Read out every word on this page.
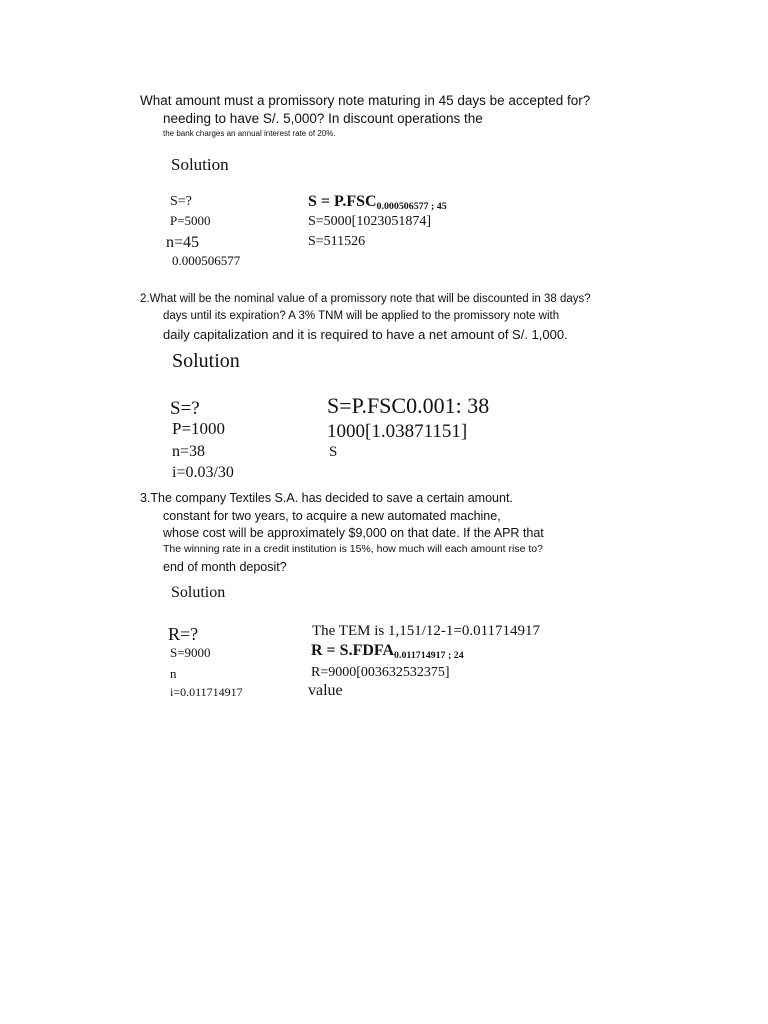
What amount must a promissory note maturing in 45 days be accepted for?
needing to have S/. 5,000? In discount operations the
the bank charges an annual interest rate of 20%.
Solution
S=?
P=5000
n=45
0.000506577
$S = P.FSC_{0.000506577 ; 45}$
S=5000[1023051874]
S=511526
2.What will be the nominal value of a promissory note that will be discounted in 38 days?
days until its expiration? A 3% TNM will be applied to the promissory note with
daily capitalization and it is required to have a net amount of S/. 1,000.
Solution
S=?
P=1000
n=38
i=0.03/30
S=P.FSC0.001: 38
1000[1.03871151]
S
3.The company Textiles S.A. has decided to save a certain amount.
constant for two years, to acquire a new automated machine,
whose cost will be approximately $9,000 on that date. If the APR that
The winning rate in a credit institution is 15%, how much will each amount rise to?
end of month deposit?
Solution
R=?
S=9000
n
i=0.011714917
The TEM is 1,151/12-1=0.011714917
$R = S.FDFA_{0.011714917 ; 24}$
R=9000[003632532375]
value
